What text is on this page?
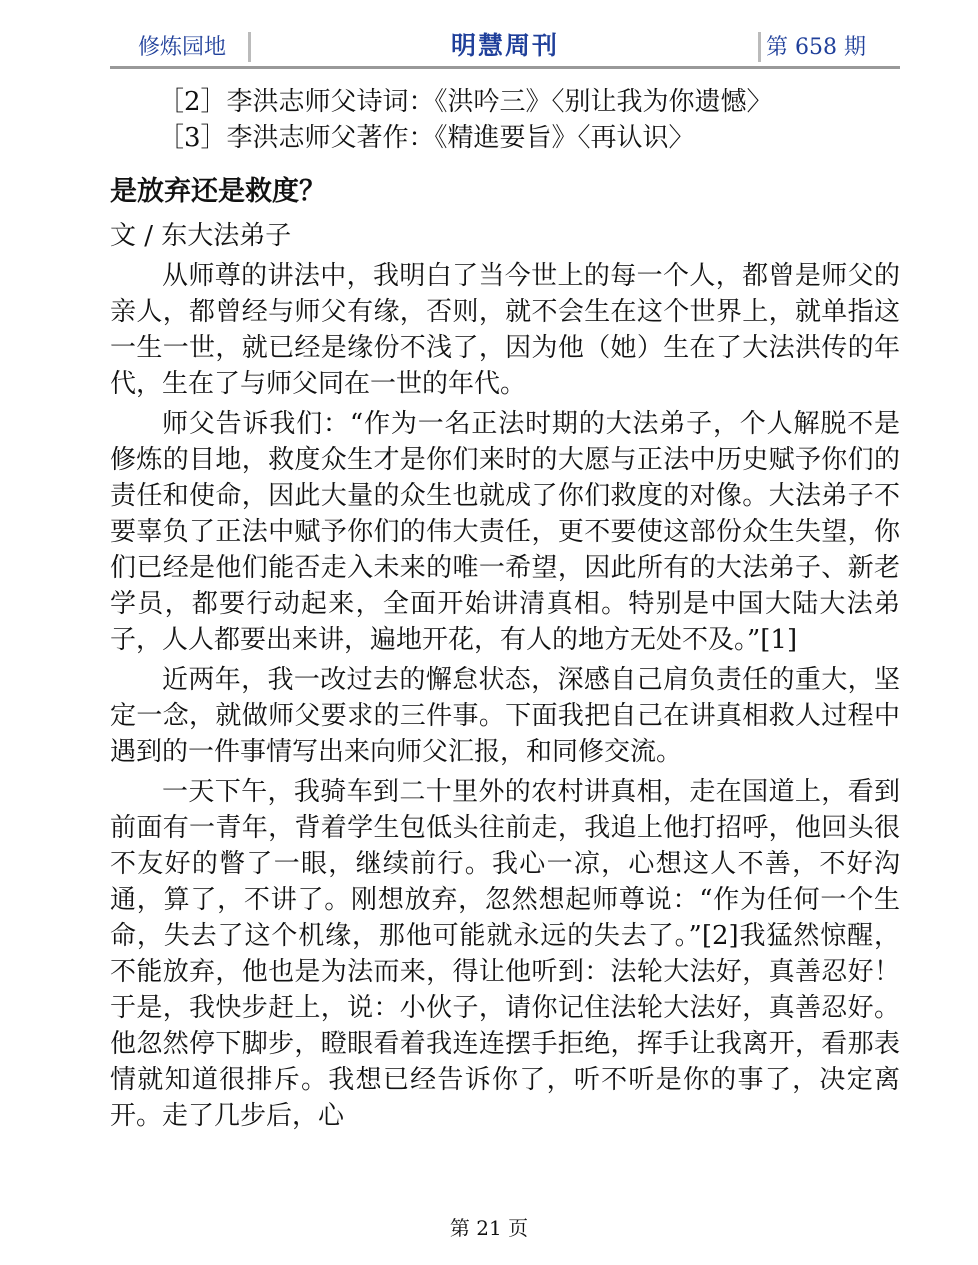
修炼园地	明慧周刊	第 658 期
［2］李洪志师父诗词：《洪吟三》〈别让我为你遗憾〉
［3］李洪志师父著作：《精進要旨》〈再认识〉
是放弃还是救度？
文 / 东大法弟子

从师尊的讲法中，我明白了当今世上的每一个人，都曾是师父的亲人，都曾经与师父有缘，否则，就不会生在这个世界上，就单指这一生一世，就已经是缘份不浅了，因为他（她）生在了大法洪传的年代，生在了与师父同在一世的年代。

师父告诉我们：“作为一名正法时期的大法弟子，个人解脱不是修炼的目地，救度众生才是你们来时的大愿与正法中历史赋予你们的责任和使命，因此大量的众生也就成了你们救度的对像。大法弟子不要辜负了正法中赋予你们的伟大责任，更不要使这部份众生失望，你们已经是他们能否走入未来的唯一希望，因此所有的大法弟子、新老学员，都要行动起来，全面开始讲清真相。特别是中国大陆大法弟子，人人都要出来讲，遍地开花，有人的地方无处不及。”[1]

近两年，我一改过去的懈怠状态，深感自己肩负责任的重大，坚定一念，就做师父要求的三件事。下面我把自己在讲真相救人过程中遇到的一件事情写出来向师父汇报，和同修交流。

一天下午，我骑车到二十里外的农村讲真相，走在国道上，看到前面有一青年，背着学生包低头往前走，我追上他打招呼，他回头很不友好的瞥了一眼，继续前行。我心一凉，心想这人不善，不好沟通，算了，不讲了。刚想放弃，忽然想起师尊说：“作为任何一个生命，失去了这个机缘，那他可能就永远的失去了。”[2]我猛然惊醒，不能放弃，他也是为法而来，得让他听到：法轮大法好，真善忍好！于是，我快步赶上，说：小伙子，请你记住法轮大法好，真善忍好。他忽然停下脚步，瞪眼看着我连连摆手拒绝，挥手让我离开，看那表情就知道很排斥。我想已经告诉你了，听不听是你的事了，决定离开。走了几步后，心

第 21 页
